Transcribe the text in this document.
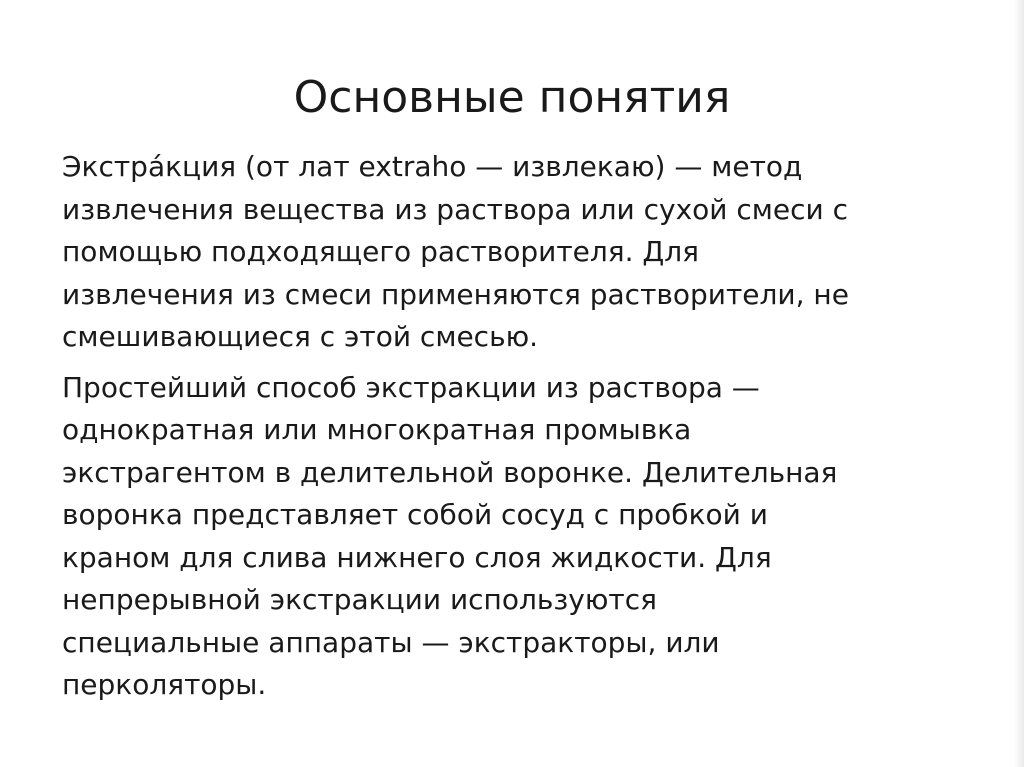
Основные понятия

Экстра́кция (от лат extraho — извлекаю) — метод
извлечения вещества из раствора или сухой смеси с
помощью подходящего растворителя. Для
извлечения из смеси применяются растворители, не
смешивающиеся с этой смесью.

Простейший способ экстракции из раствора —
однократная или многократная промывка
экстрагентом в делительной воронке. Делительная
воронка представляет собой сосуд с пробкой и
краном для слива нижнего слоя жидкости. Для
непрерывной экстракции используются
специальные аппараты — экстракторы, или
перколяторы.
